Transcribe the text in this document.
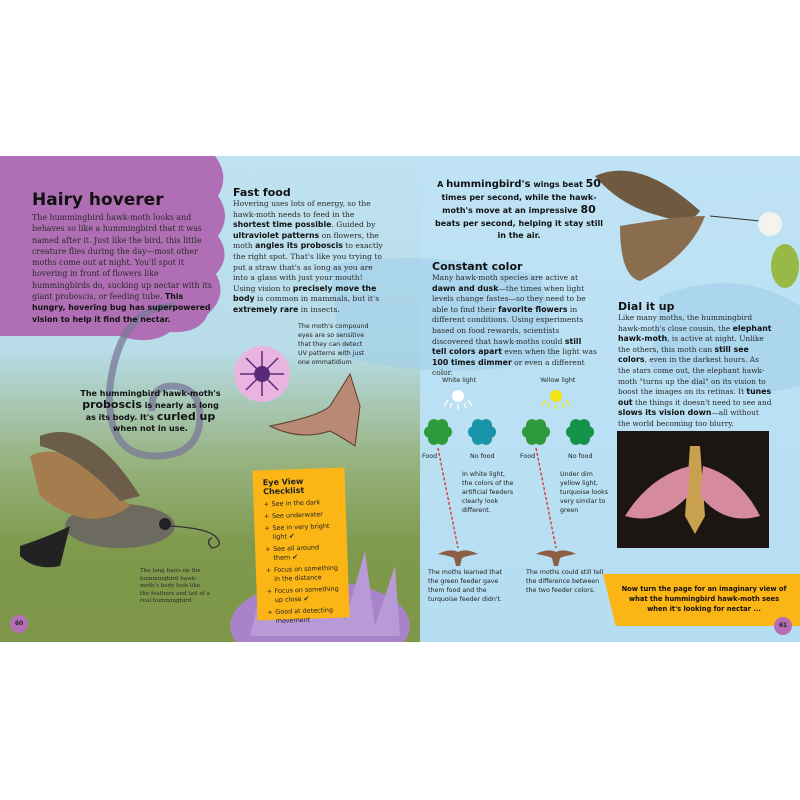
Hairy hoverer
The hummingbird hawk-moth looks and behaves so like a hummingbird that it was named after it. Just like the bird, this little creature flies during the day—most other moths come out at night. You'll spot it hovering in front of flowers like hummingbirds do, sucking up nectar with its giant proboscis, or feeding tube. This hungry, hovering bug has superpowered vision to help it find the nectar.
The hummingbird hawk-moth's proboscis is nearly as long as its body. It's curled up when not in use.
The long hairs on the hummingbird hawk-moth's body look like the feathers and tail of a real hummingbird.
60
Fast food
Hovering uses lots of energy, so the hawk-moth needs to feed in the shortest time possible. Guided by ultraviolet patterns on flowers, the moth angles its proboscis to exactly the right spot. That's like you trying to put a straw that's as long as you are into a glass with just your mouth! Using vision to precisely move the body is common in mammals, but it's extremely rare in insects.
The moth's compound eyes are so sensitive that they can detect UV patterns with just one ommatidium
Eye View Checklist
+ See in the dark
+ See underwater
+ See in very bright light ✔
+ See all around them ✔
+ Focus on something in the distance
+ Focus on something up close ✔
+ Good at detecting movement
A hummingbird's wings beat 50 times per second, while the hawk-moth's move at an impressive 80 beats per second, helping it stay still in the air.
Constant color
Many hawk-moth species are active at dawn and dusk—the times when light levels change fastes—so they need to be able to find their favorite flowers in different conditions. Using experiments based on food rewards, scientists discovered that hawk-moths could still tell colors apart even when the light was 100 times dimmer or even a different color.
White light
Food	No food
In white light, the colors of the artificial feeders clearly look different.
The moths learned that the green feeder gave them food and the turquoise feeder didn't.
Yellow light
Food	No food
Under dim yellow light, turquoise looks very similar to green
The moths could still tell the difference between the two feeder colors.
Dial it up
Like many moths, the hummingbird hawk-moth's close cousin, the elephant hawk-moth, is active at night. Unlike the others, this moth can still see colors, even in the darkest hours. As the stars come out, the elephant hawk-moth "turns up the dial" on its vision to boost the images on its retinas. It tunes out the things it doesn't need to see and slows its vision down—all without the world becoming too blurry.
Now turn the page for an imaginary view of what the hummingbird hawk-moth sees when it's looking for nectar ...
61
